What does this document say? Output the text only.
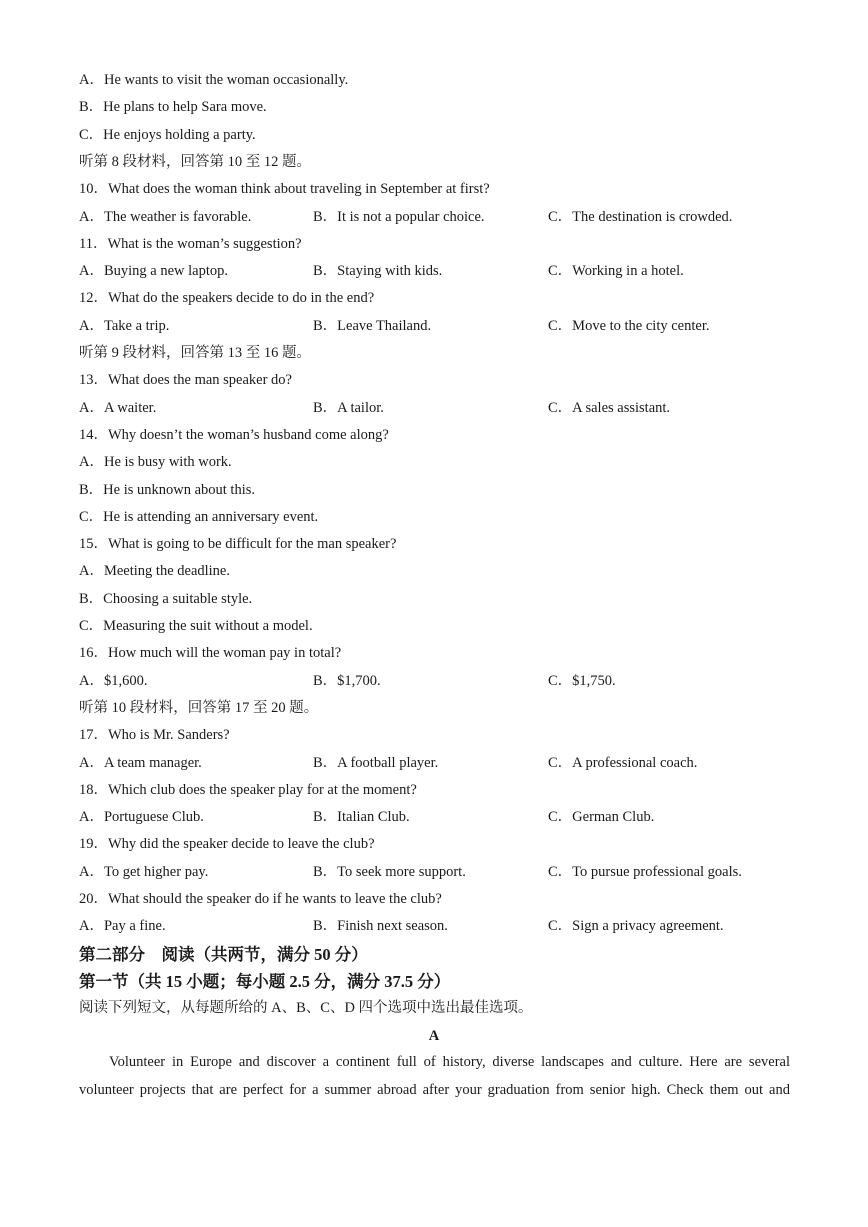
A．He wants to visit the woman occasionally.
B．He plans to help Sara move.
C．He enjoys holding a party.
听第 8 段材料，回答第 10 至 12 题。
10．What does the woman think about traveling in September at first?
A．The weather is favorable.	B．It is not a popular choice.	C．The destination is crowded.
11．What is the woman’s suggestion?
A．Buying a new laptop.	B．Staying with kids.	C．Working in a hotel.
12．What do the speakers decide to do in the end?
A．Take a trip.	B．Leave Thailand.	C．Move to the city center.
听第 9 段材料，回答第 13 至 16 题。
13．What does the man speaker do?
A．A waiter.	B．A tailor.	C．A sales assistant.
14．Why doesn’t the woman’s husband come along?
A．He is busy with work.
B．He is unknown about this.
C．He is attending an anniversary event.
15．What is going to be difficult for the man speaker?
A．Meeting the deadline.
B．Choosing a suitable style.
C．Measuring the suit without a model.
16．How much will the woman pay in total?
A．$1,600.	B．$1,700.	C．$1,750.
听第 10 段材料，回答第 17 至 20 题。
17．Who is Mr. Sanders?
A．A team manager.	B．A football player.	C．A professional coach.
18．Which club does the speaker play for at the moment?
A．Portuguese Club.	B．Italian Club.	C．German Club.
19．Why did the speaker decide to leave the club?
A．To get higher pay.	B．To seek more support.	C．To pursue professional goals.
20．What should the speaker do if he wants to leave the club?
A．Pay a fine.	B．Finish next season.	C．Sign a privacy agreement.
第二部分　阅读（共两节，满分 50 分）
第一节（共 15 小题；每小题 2.5 分，满分 37.5 分）
阅读下列短文，从每题所给的 A、B、C、D 四个选项中选出最佳选项。
A
Volunteer in Europe and discover a continent full of history, diverse landscapes and culture. Here are several
volunteer projects that are perfect for a summer abroad after your graduation from senior high. Check them out and
